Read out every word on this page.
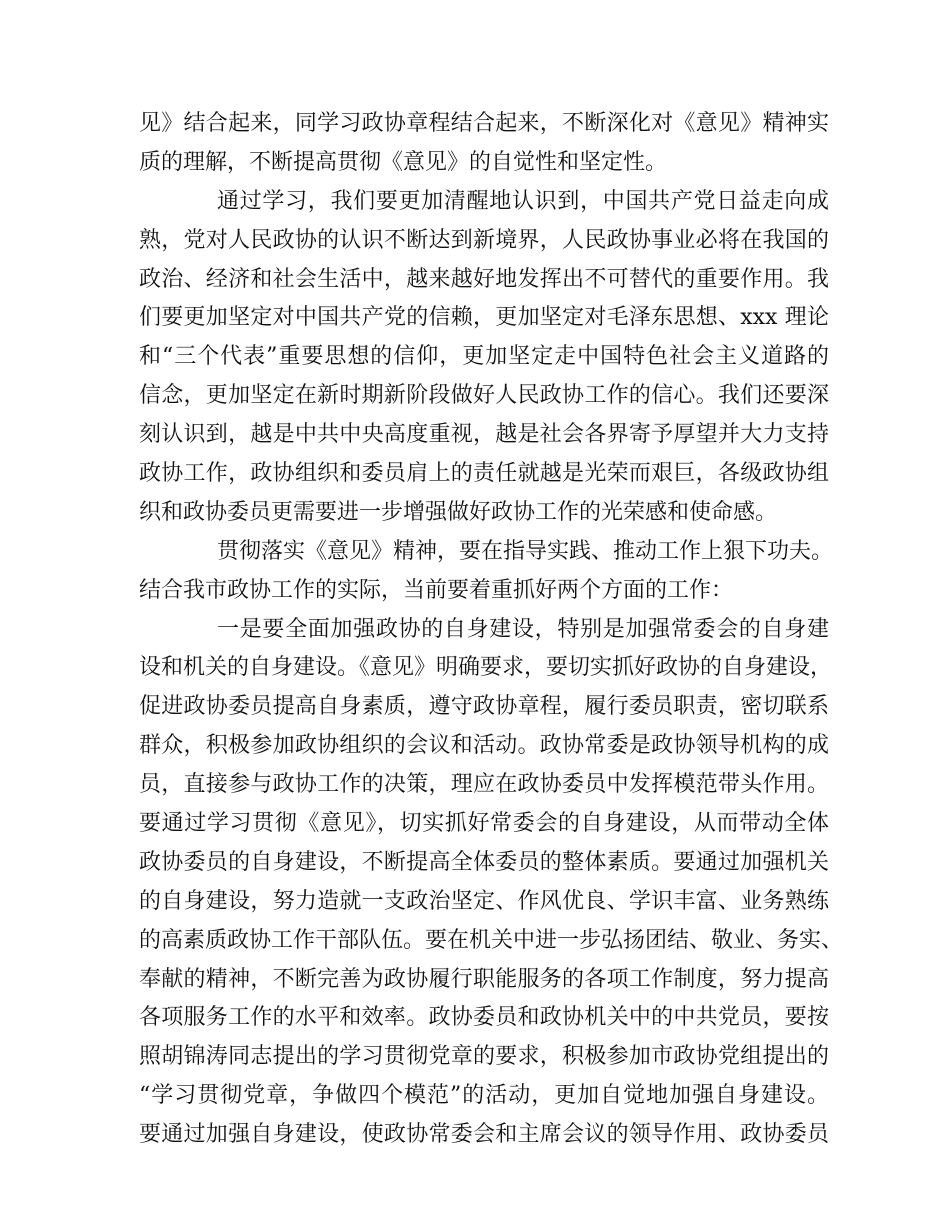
见》结合起来，同学习政协章程结合起来，不断深化对《意见》精神实
质的理解，不断提高贯彻《意见》的自觉性和坚定性。
通过学习，我们要更加清醒地认识到，中国共产党日益走向成
熟，党对人民政协的认识不断达到新境界，人民政协事业必将在我国的
政治、经济和社会生活中，越来越好地发挥出不可替代的重要作用。我
们要更加坚定对中国共产党的信赖，更加坚定对毛泽东思想、xxx 理论
和“三个代表”重要思想的信仰，更加坚定走中国特色社会主义道路的
信念，更加坚定在新时期新阶段做好人民政协工作的信心。我们还要深
刻认识到，越是中共中央高度重视，越是社会各界寄予厚望并大力支持
政协工作，政协组织和委员肩上的责任就越是光荣而艰巨，各级政协组
织和政协委员更需要进一步增强做好政协工作的光荣感和使命感。
贯彻落实《意见》精神，要在指导实践、推动工作上狠下功夫。
结合我市政协工作的实际，当前要着重抓好两个方面的工作：
一是要全面加强政协的自身建设，特别是加强常委会的自身建
设和机关的自身建设。《意见》明确要求，要切实抓好政协的自身建设，
促进政协委员提高自身素质，遵守政协章程，履行委员职责，密切联系
群众，积极参加政协组织的会议和活动。政协常委是政协领导机构的成
员，直接参与政协工作的决策，理应在政协委员中发挥模范带头作用。
要通过学习贯彻《意见》，切实抓好常委会的自身建设，从而带动全体
政协委员的自身建设，不断提高全体委员的整体素质。要通过加强机关
的自身建设，努力造就一支政治坚定、作风优良、学识丰富、业务熟练
的高素质政协工作干部队伍。要在机关中进一步弘扬团结、敬业、务实、
奉献的精神，不断完善为政协履行职能服务的各项工作制度，努力提高
各项服务工作的水平和效率。政协委员和政协机关中的中共党员，要按
照胡锦涛同志提出的学习贯彻党章的要求，积极参加市政协党组提出的
“学习贯彻党章，争做四个模范”的活动，更加自觉地加强自身建设。
要通过加强自身建设，使政协常委会和主席会议的领导作用、政协委员
